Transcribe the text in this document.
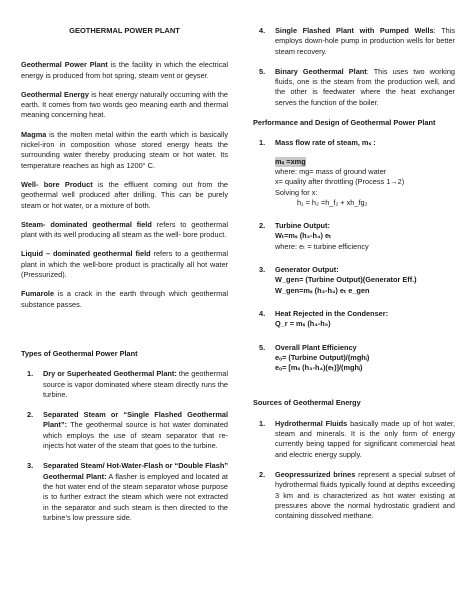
GEOTHERMAL POWER PLANT

Geothermal Power Plant is the facility in which the electrical energy is produced from hot spring, steam vent or geyser.

Geothermal Energy is heat energy naturally occurring with the earth. It comes from two words geo meaning earth and thermal meaning concerning heat.

Magma is the molten metal within the earth which is basically nickel-iron in composition whose stored energy heats the surrounding water thereby producing steam or hot water. Its temperature reaches as high as 1200° C.

Well- bore Product is the effluent coming out from the geothermal well produced after drilling. This can be purely steam or hot water, or a mixture of both.

Steam- dominated geothermal field refers to geothermal plant with its well producing all steam as the well- bore product.

Liquid – dominated geothermal field refers to a geothermal plant in which the well-bore product is practically all hot water (Pressurized).

Fumarole is a crack in the earth through which geothermal substance passes.

Types of Geothermal Power Plant
1. Dry or Superheated Geothermal Plant: the geothermal source is vapor dominated where steam directly runs the turbine.
2. Separated Steam or “Single Flashed Geothermal Plant”: The geothermal source is hot water dominated which employs the use of steam separator that re- injects hot water of the steam that goes to the turbine.
3. Separated Steam/ Hot-Water-Flash or “Double Flash” Geothermal Plant: A flasher is employed and located at the hot water end of the steam separator whose purpose is to further extract the steam which were not extracted in the separator and such steam is then directed to the turbine’s low pressure side.
4. Single Flashed Plant with Pumped Wells: This employs down-hole pump in production wells for better steam recovery.
5. Binary Geothermal Plant: This uses two working fluids, one is the steam from the production well, and the other is feedwater where the heat exchanger serves the function of the boiler.
Performance and Design of Geothermal Power Plant
1. Mass flow rate of steam, mₛ :
mₛ =xmg

where: mg= mass of ground water
x= quality after throttling (Process 1→2)
Solving for x:
h₁ = h₂ =h_f₂ + xh_fg₂
2. Turbine Output:
Wₜ=mₛ (h₃-h₄) eₜ
where: eₜ = turbine efficiency
3. Generator Output:
W_gen= (Turbine Output)(Generator Eff.)
W_gen=mₛ (h₃-h₄) eₜ e_gen
4. Heat Rejected in the Condenser:
Q_r = mₛ (h₄-h₅)
5. Overall Plant Efficiency
eₒ= (Turbine Output)/(mghᵢ)
eₒ= [mₛ (h₃-h₄)(eₜ)]/(mghᵢ)
Sources of Geothermal Energy
1. Hydrothermal Fluids basically made up of hot water, steam and minerals. It is the only form of energy currently being tapped for significant commercial heat and electric energy supply.
2. Geopressurized brines represent a special subset of hydrothermal fluids typically found at depths exceeding 3 km and is characterized as hot water existing at pressures above the normal hydrostatic gradient and containing dissolved methane.
